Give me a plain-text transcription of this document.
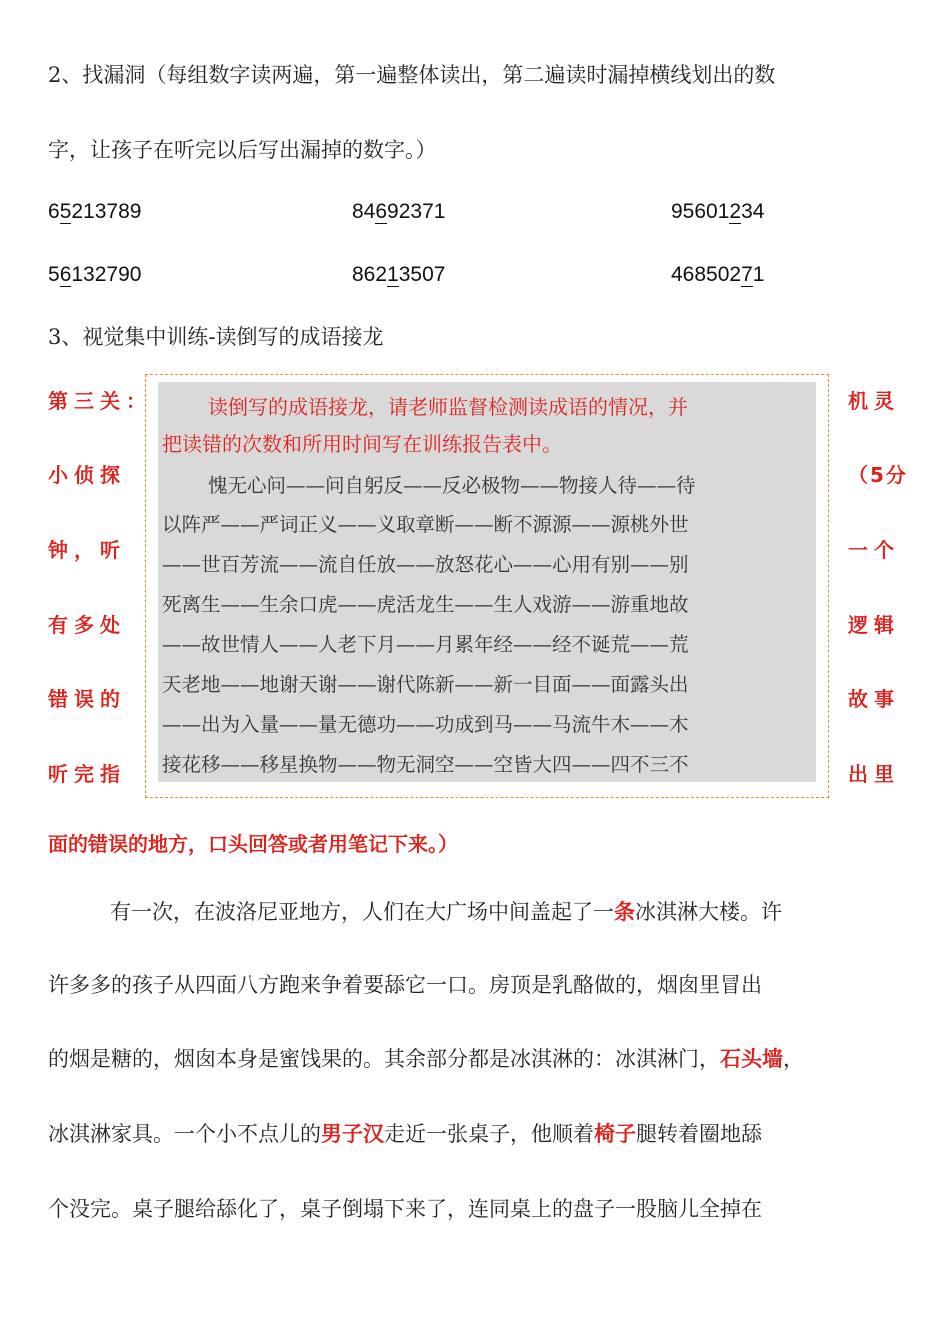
2、找漏洞（每组数字读两遍，第一遍整体读出，第二遍读时漏掉横线划出的数
字，让孩子在听完以后写出漏掉的数字。）
65213789	84692371	95601234
56132790	86213507	46850271
3、视觉集中训练-读倒写的成语接龙
第三关：
小侦探
钟，听
有多处
错误的
听完指
机灵
（5分
一个
逻辑
故事
出里
读倒写的成语接龙，请老师监督检测读成语的情况，并
把读错的次数和所用时间写在训练报告表中。
愧无心问——问自躬反——反必极物——物接人待——待
以阵严——严词正义——义取章断——断不源源——源桃外世
——世百芳流——流自任放——放怒花心——心用有别——别
死离生——生余口虎——虎活龙生——生人戏游——游重地故
——故世情人——人老下月——月累年经——经不诞荒——荒
天老地——地谢天谢——谢代陈新——新一目面——面露头出
——出为入量——量无德功——功成到马——马流牛木——木
接花移——移星换物——物无洞空——空皆大四——四不三不
面的错误的地方，口头回答或者用笔记下来。）
有一次，在波洛尼亚地方，人们在大广场中间盖起了一条冰淇淋大楼。许
许多多的孩子从四面八方跑来争着要舔它一口。房顶是乳酪做的，烟囱里冒出
的烟是糖的，烟囱本身是蜜饯果的。其余部分都是冰淇淋的：冰淇淋门，石头墙，
冰淇淋家具。一个小不点儿的男子汉走近一张桌子，他顺着椅子腿转着圈地舔
个没完。桌子腿给舔化了，桌子倒塌下来了，连同桌上的盘子一股脑儿全掉在
